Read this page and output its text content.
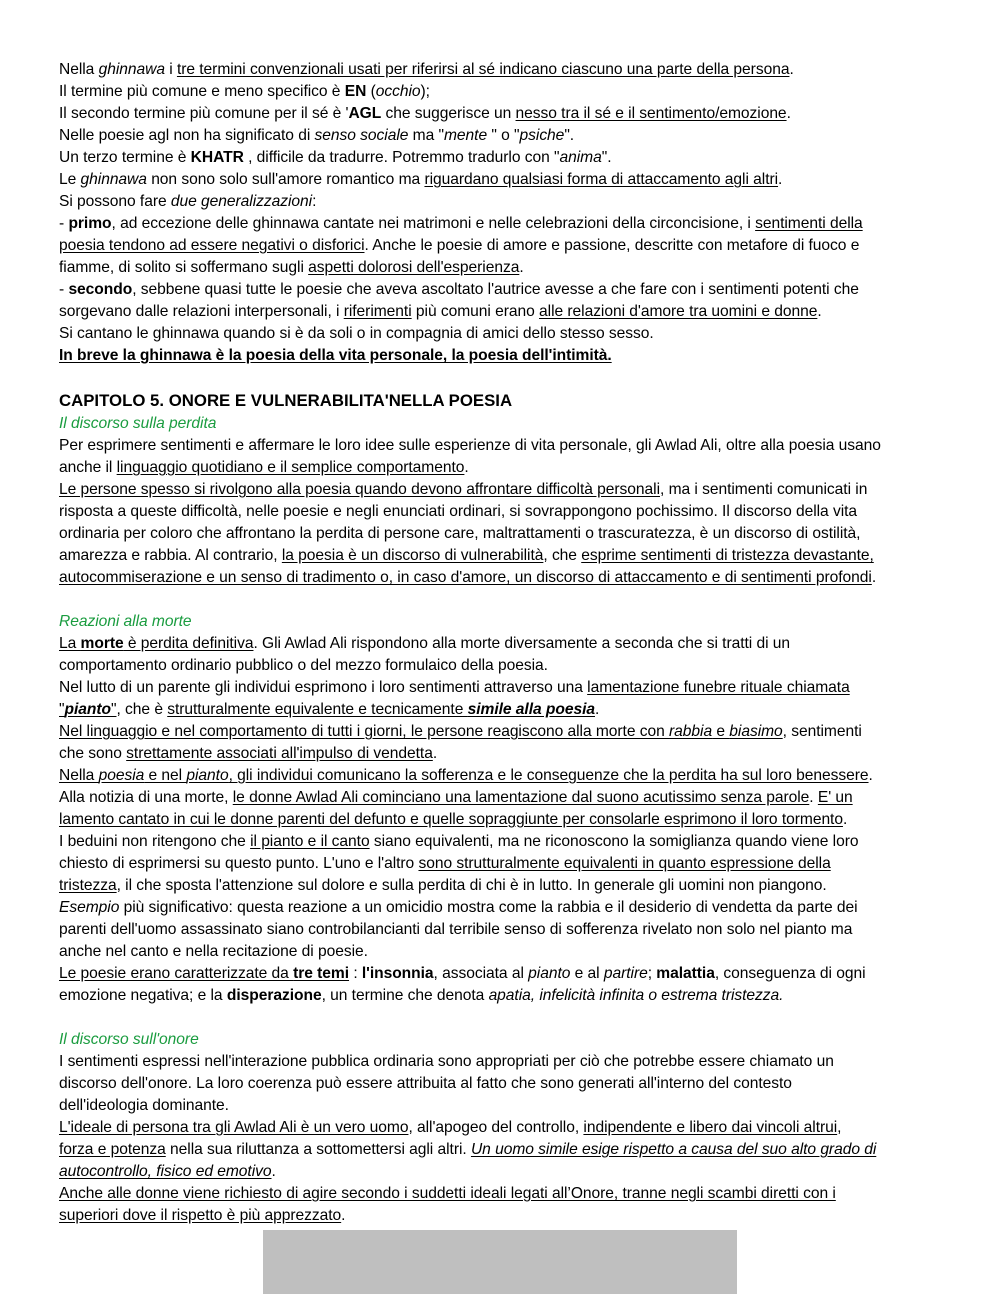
Nella ghinnawa i tre termini convenzionali usati per riferirsi al sé indicano ciascuno una parte della persona.
Il termine più comune e meno specifico è EN (occhio);
Il secondo termine più comune per il sé è 'AGL che suggerisce un nesso tra il sé e il sentimento/emozione.
Nelle poesie agl non ha significato di senso sociale ma "mente " o "psiche".
Un terzo termine è KHATR , difficile da tradurre. Potremmo tradurlo con "anima".
Le ghinnawa non sono solo sull'amore romantico ma riguardano qualsiasi forma di attaccamento agli altri.
Si possono fare due generalizzazioni:
- primo, ad eccezione delle ghinnawa cantate nei matrimoni e nelle celebrazioni della circoncisione, i sentimenti della
poesia tendono ad essere negativi o disforici. Anche le poesie di amore e passione, descritte con metafore di fuoco e
fiamme, di solito si soffermano sugli aspetti dolorosi dell'esperienza.
- secondo, sebbene quasi tutte le poesie che aveva ascoltato l'autrice avesse a che fare con i sentimenti potenti che
sorgevano dalle relazioni interpersonali, i riferimenti più comuni erano alle relazioni d'amore tra uomini e donne.
Si cantano le ghinnawa quando si è da soli o in compagnia di amici dello stesso sesso.
In breve la ghinnawa è la poesia della vita personale, la poesia dell'intimità.
CAPITOLO 5. ONORE E VULNERABILITA'NELLA POESIA
Il discorso sulla perdita
Per esprimere sentimenti e affermare le loro idee sulle esperienze di vita personale, gli Awlad Ali, oltre alla poesia usano
anche il linguaggio quotidiano e il semplice comportamento.
Le persone spesso si rivolgono alla poesia quando devono affrontare difficoltà personali, ma i sentimenti comunicati in
risposta a queste difficoltà, nelle poesie e negli enunciati ordinari, si sovrappongono pochissimo. Il discorso della vita
ordinaria per coloro che affrontano la perdita di persone care, maltrattamenti o trascuratezza, è un discorso di ostilità,
amarezza e rabbia. Al contrario, la poesia è un discorso di vulnerabilità, che esprime sentimenti di tristezza devastante,
autocommiserazione e un senso di tradimento o, in caso d'amore, un discorso di attaccamento e di sentimenti profondi.
Reazioni alla morte
La morte è perdita definitiva. Gli Awlad Ali rispondono alla morte diversamente a seconda che si tratti di un
comportamento ordinario pubblico o del mezzo formulaico della poesia.
Nel lutto di un parente gli individui esprimono i loro sentimenti attraverso una lamentazione funebre rituale chiamata
"pianto", che è strutturalmente equivalente e tecnicamente simile alla poesia.
Nel linguaggio e nel comportamento di tutti i giorni, le persone reagiscono alla morte con rabbia e biasimo, sentimenti
che sono strettamente associati all'impulso di vendetta.
Nella poesia e nel pianto, gli individui comunicano la sofferenza e le conseguenze che la perdita ha sul loro benessere.
Alla notizia di una morte, le donne Awlad Ali cominciano una lamentazione dal suono acutissimo senza parole. E' un
lamento cantato in cui le donne parenti del defunto e quelle sopraggiunte per consolarle esprimono il loro tormento.
I beduini non ritengono che il pianto e il canto siano equivalenti, ma ne riconoscono la somiglianza quando viene loro
chiesto di esprimersi su questo punto. L'uno e l'altro sono strutturalmente equivalenti in quanto espressione della
tristezza, il che sposta l'attenzione sul dolore e sulla perdita di chi è in lutto. In generale gli uomini non piangono.
Esempio più significativo: questa reazione a un omicidio mostra come la rabbia e il desiderio di vendetta da parte dei
parenti dell'uomo assassinato siano controbilancianti dal terribile senso di sofferenza rivelato non solo nel pianto ma
anche nel canto e nella recitazione di poesie.
Le poesie erano caratterizzate da tre temi : l'insonnia, associata al pianto e al partire; malattia, conseguenza di ogni
emozione negativa; e la disperazione, un termine che denota apatia, infelicità infinita o estrema tristezza.
Il discorso sull'onore
I sentimenti espressi nell'interazione pubblica ordinaria sono appropriati per ciò che potrebbe essere chiamato un
discorso dell'onore. La loro coerenza può essere attribuita al fatto che sono generati all'interno del contesto
dell'ideologia dominante.
L'ideale di persona tra gli Awlad Ali è un vero uomo, all'apogeo del controllo, indipendente e libero dai vincoli altrui,
forza e potenza nella sua riluttanza a sottomettersi agli altri. Un uomo simile esige rispetto a causa del suo alto grado di
autocontrollo, fisico ed emotivo.
Anche alle donne viene richiesto di agire secondo i suddetti ideali legati all’Onore, tranne negli scambi diretti con i
superiori dove il rispetto è più apprezzato.
